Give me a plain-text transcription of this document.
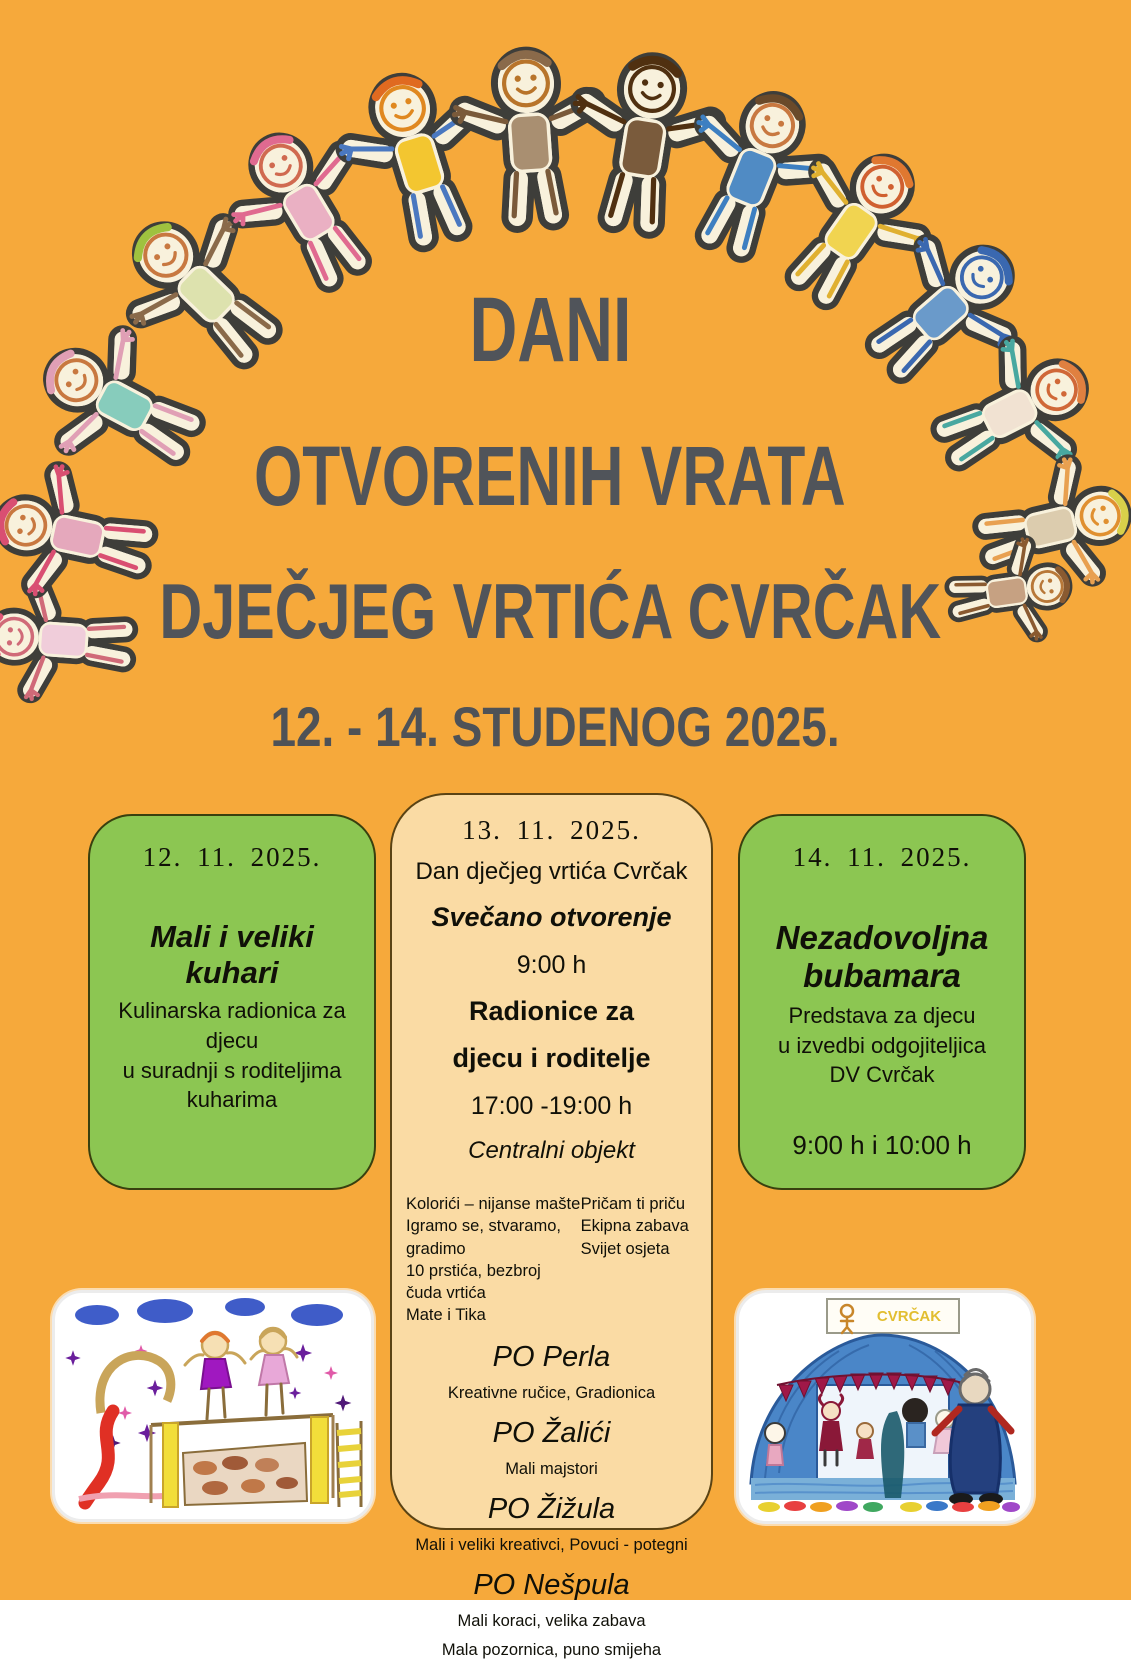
DANI
OTVORENIH VRATA
DJEČJEG VRTIĆA CVRČAK
12. - 14. STUDENOG 2025.
12. 11. 2025.
Mali i veliki kuhari
Kulinarska radionica za djecu
u suradnji s roditeljima
kuharima
13. 11. 2025.
Dan dječjeg vrtića Cvrčak
Svečano otvorenje
9:00 h
Radionice za
djecu i roditelje
17:00 -19:00 h
Centralni objekt
Kolorići – nijanse mašte
Igramo se, stvaramo, gradimo
10 prstića, bezbroj čuda vrtića
Mate i Tika
Pričam ti priču
Ekipna zabava
Svijet osjeta
PO Perla
Kreativne ručice, Gradionica
PO Žalići
Mali majstori
PO Žižula
Mali i veliki kreativci, Povuci - potegni
PO Nešpula
Mali koraci, velika zabava
Mala pozornica, puno smijeha
14. 11. 2025.
Nezadovoljna
bubamara
Predstava za djecu
u izvedbi odgojiteljica
DV Cvrčak
9:00 h i 10:00 h
CVRČAK
